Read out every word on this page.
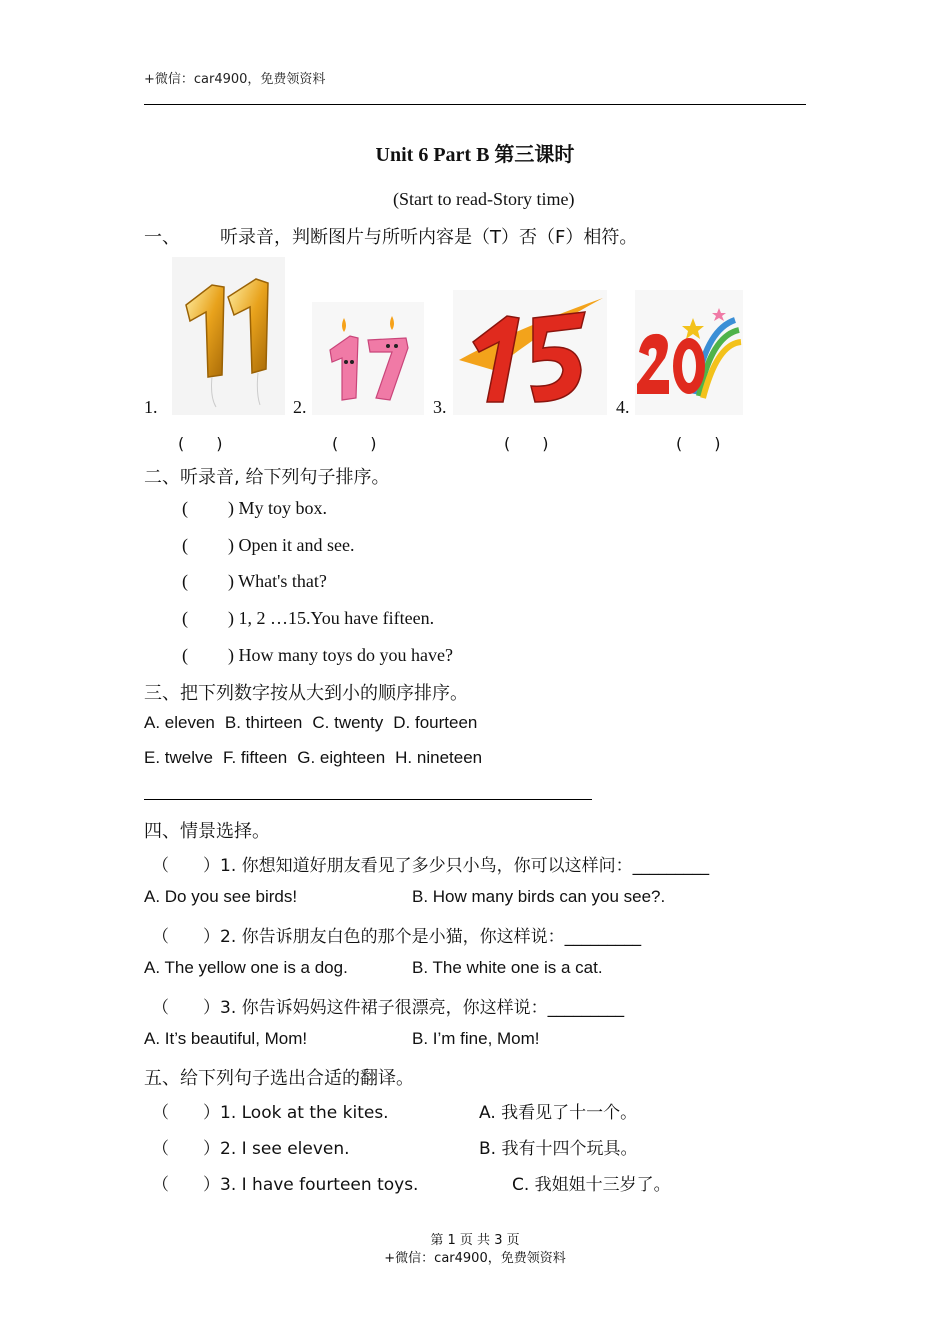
+微信：car4900，免费领资料
Unit 6 Part B 第三课时
(Start to read-Story time)
一、 听录音，判断图片与所听内容是（T）否（F）相符。
1.	2.	3.	4.
(　　)	(　　)	(　　)	(　　)
二、听录音, 给下列句子排序。
( ) My toy box.
( ) Open it and see.
( ) What's that?
( ) 1, 2 …15.You have fifteen.
( ) How many toys do you have?
三、把下列数字按从大到小的顺序排序。
A. eleven B. thirteen C. twenty D. fourteen
E. twelve F. fifteen G. eighteen H. nineteen
四、情景选择。
（　　）1. 你想知道好朋友看见了多少只小鸟，你可以这样问：_________
A. Do you see birds!	B. How many birds can you see?.
（　　）2. 你告诉朋友白色的那个是小猫，你这样说：_________
A. The yellow one is a dog.	B. The white one is a cat.
（　　）3. 你告诉妈妈这件裙子很漂亮，你这样说：_________
A. It’s beautiful, Mom!	B. I’m fine, Mom!
五、给下列句子选出合适的翻译。
（　　）1. Look at the kites.	A. 我看见了十一个。
（　　）2. I see eleven.	B. 我有十四个玩具。
（　　）3. I have fourteen toys.	C. 我姐姐十三岁了。
第 1 页 共 3 页
+微信：car4900，免费领资料
